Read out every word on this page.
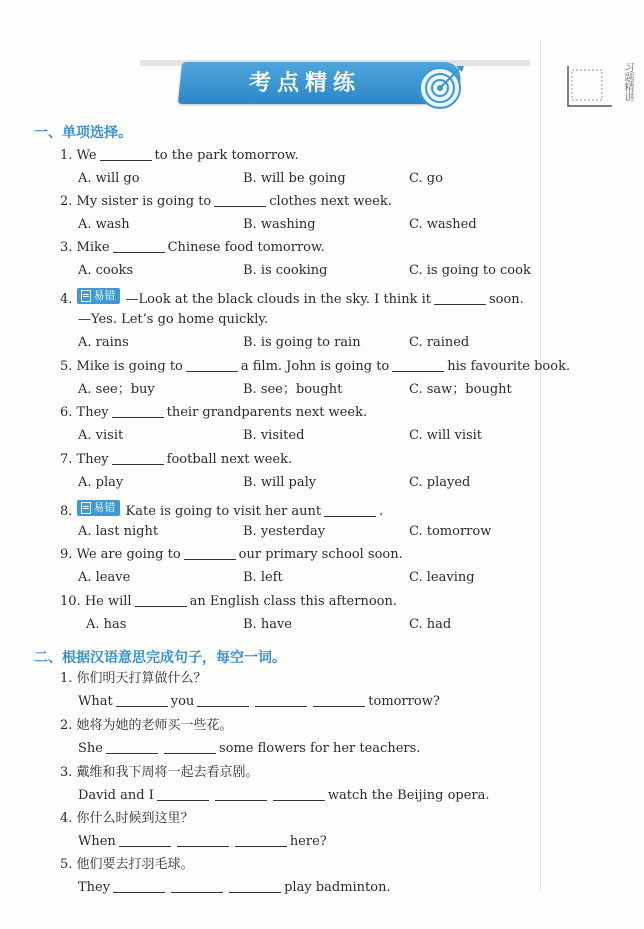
考点精练	习题精讲
一、单项选择。
1. We	to the park tomorrow.
A. will go	B. will be going	C. go
2. My sister is going to	clothes next week.
A. wash	B. washing	C. washed
3. Mike	Chinese food tomorrow.
A. cooks	B. is cooking	C. is going to cook
4. 易错 —Look at the black clouds in the sky. I think it	soon.
—Yes. Let’s go home quickly.
A. rains	B. is going to rain	C. rained
5. Mike is going to	a film. John is going to	his favourite book.
A. see；buy	B. see；bought	C. saw；bought
6. They	their grandparents next week.
A. visit	B. visited	C. will visit
7. They	football next week.
A. play	B. will paly	C. played
8. 易错 Kate is going to visit her aunt	.
A. last night	B. yesterday	C. tomorrow
9. We are going to	our primary school soon.
A. leave	B. left	C. leaving
10. He will	an English class this afternoon.
A. has	B. have	C. had
二、根据汉语意思完成句子，每空一词。
1. 你们明天打算做什么？
What	you	tomorrow?
2. 她将为她的老师买一些花。
She	some flowers for her teachers.
3. 戴维和我下周将一起去看京剧。
David and I	watch the Beijing opera.
4. 你什么时候到这里？
When	here?
5. 他们要去打羽毛球。
They	play badminton.
